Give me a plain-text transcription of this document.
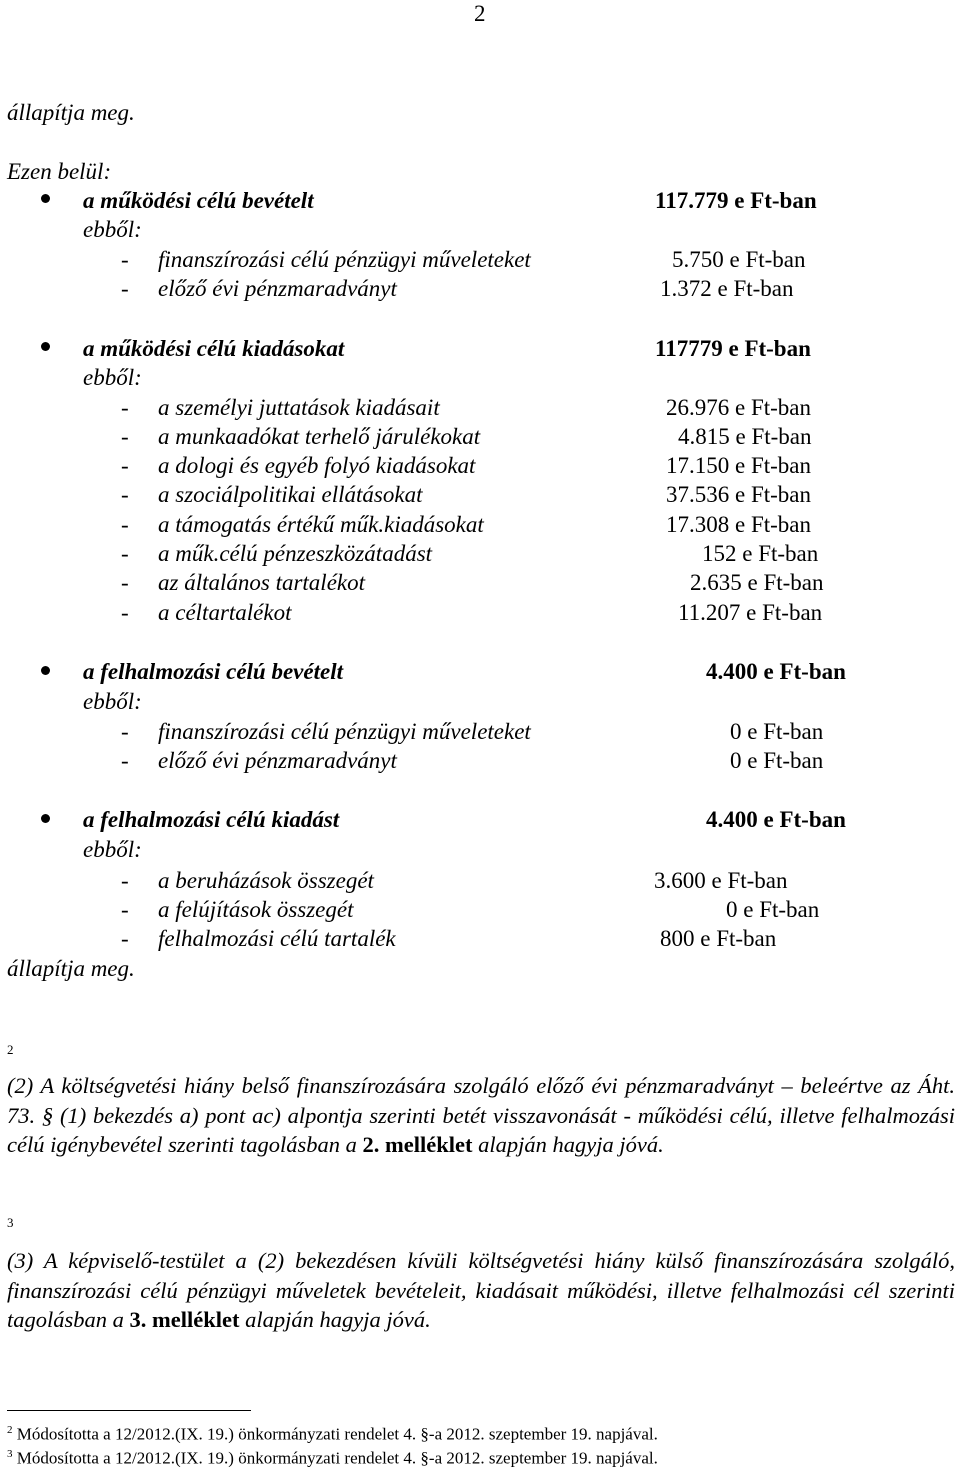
2
állapítja meg.
Ezen belül:
a működési célú bevételt	117.779 e Ft-ban
ebből:
- finanszírozási célú pénzügyi műveleteket	5.750 e Ft-ban
- előző évi pénzmaradványt	1.372 e Ft-ban
a működési célú kiadásokat	117779 e Ft-ban
ebből:
- a személyi juttatások kiadásait	26.976 e Ft-ban
- a munkaadókat terhelő járulékokat	4.815 e Ft-ban
- a dologi és egyéb folyó kiadásokat	17.150 e Ft-ban
- a szociálpolitikai ellátásokat	37.536 e Ft-ban
- a támogatás értékű műk.kiadásokat	17.308 e Ft-ban
- a műk.célú pénzeszközátadást	152 e Ft-ban
- az általános tartalékot	2.635 e Ft-ban
- a céltartalékot	11.207 e Ft-ban
a felhalmozási célú bevételt	4.400 e Ft-ban
ebből:
- finanszírozási célú pénzügyi műveleteket	0 e Ft-ban
- előző évi pénzmaradványt	0 e Ft-ban
a felhalmozási célú kiadást	4.400 e Ft-ban
ebből:
- a beruházások összegét	3.600 e Ft-ban
- a felújítások összegét	0 e Ft-ban
- felhalmozási célú tartalék	800 e Ft-ban
állapítja meg.
2
(2) A költségvetési hiány belső finanszírozására szolgáló előző évi pénzmaradványt – beleértve az Áht. 73. § (1) bekezdés a) pont ac) alpontja szerinti betét visszavonását - működési célú, illetve felhalmozási célú igénybevétel szerinti tagolásban a 2. melléklet alapján hagyja jóvá.
3
(3) A képviselő-testület a (2) bekezdésen kívüli költségvetési hiány külső finanszírozására szolgáló, finanszírozási célú pénzügyi műveletek bevételeit, kiadásait működési, illetve felhalmozási cél szerinti tagolásban a 3. melléklet alapján hagyja jóvá.
$^2$ Módosította a 12/2012.(IX. 19.) önkormányzati rendelet 4. §-a 2012. szeptember 19. napjával.
$^3$ Módosította a 12/2012.(IX. 19.) önkormányzati rendelet 4. §-a 2012. szeptember 19. napjával.
